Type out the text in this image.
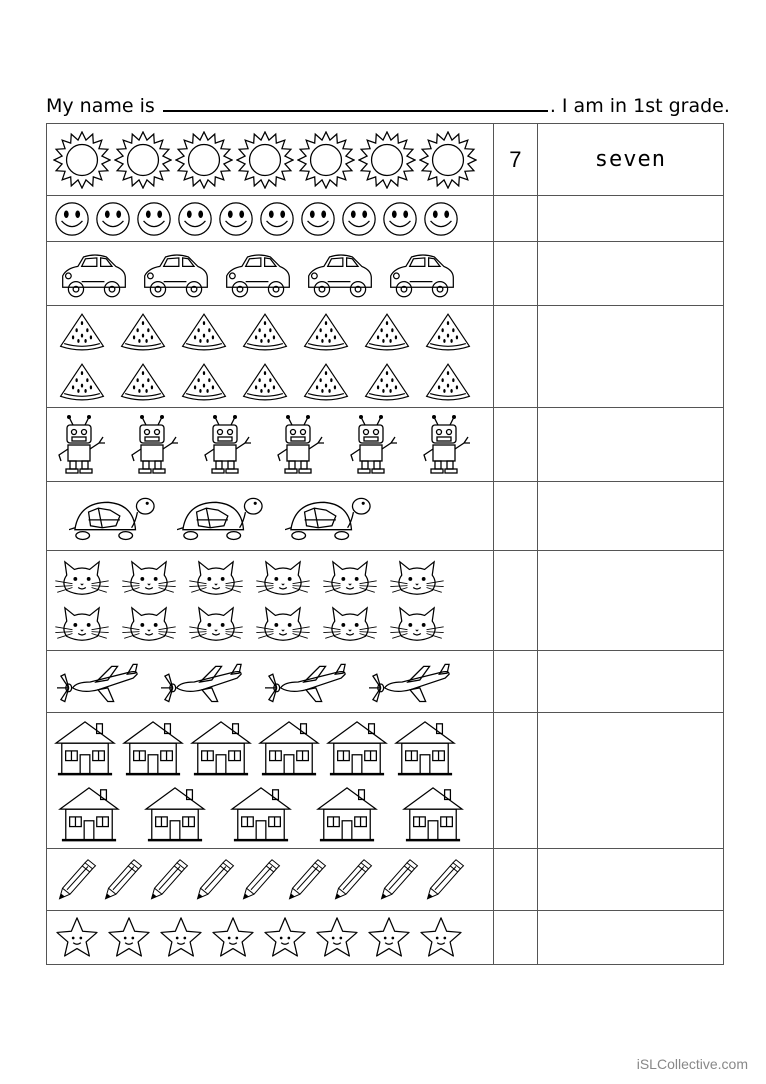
My name is	. I am in 1st grade.
	7	seven

iSLCollective.com
